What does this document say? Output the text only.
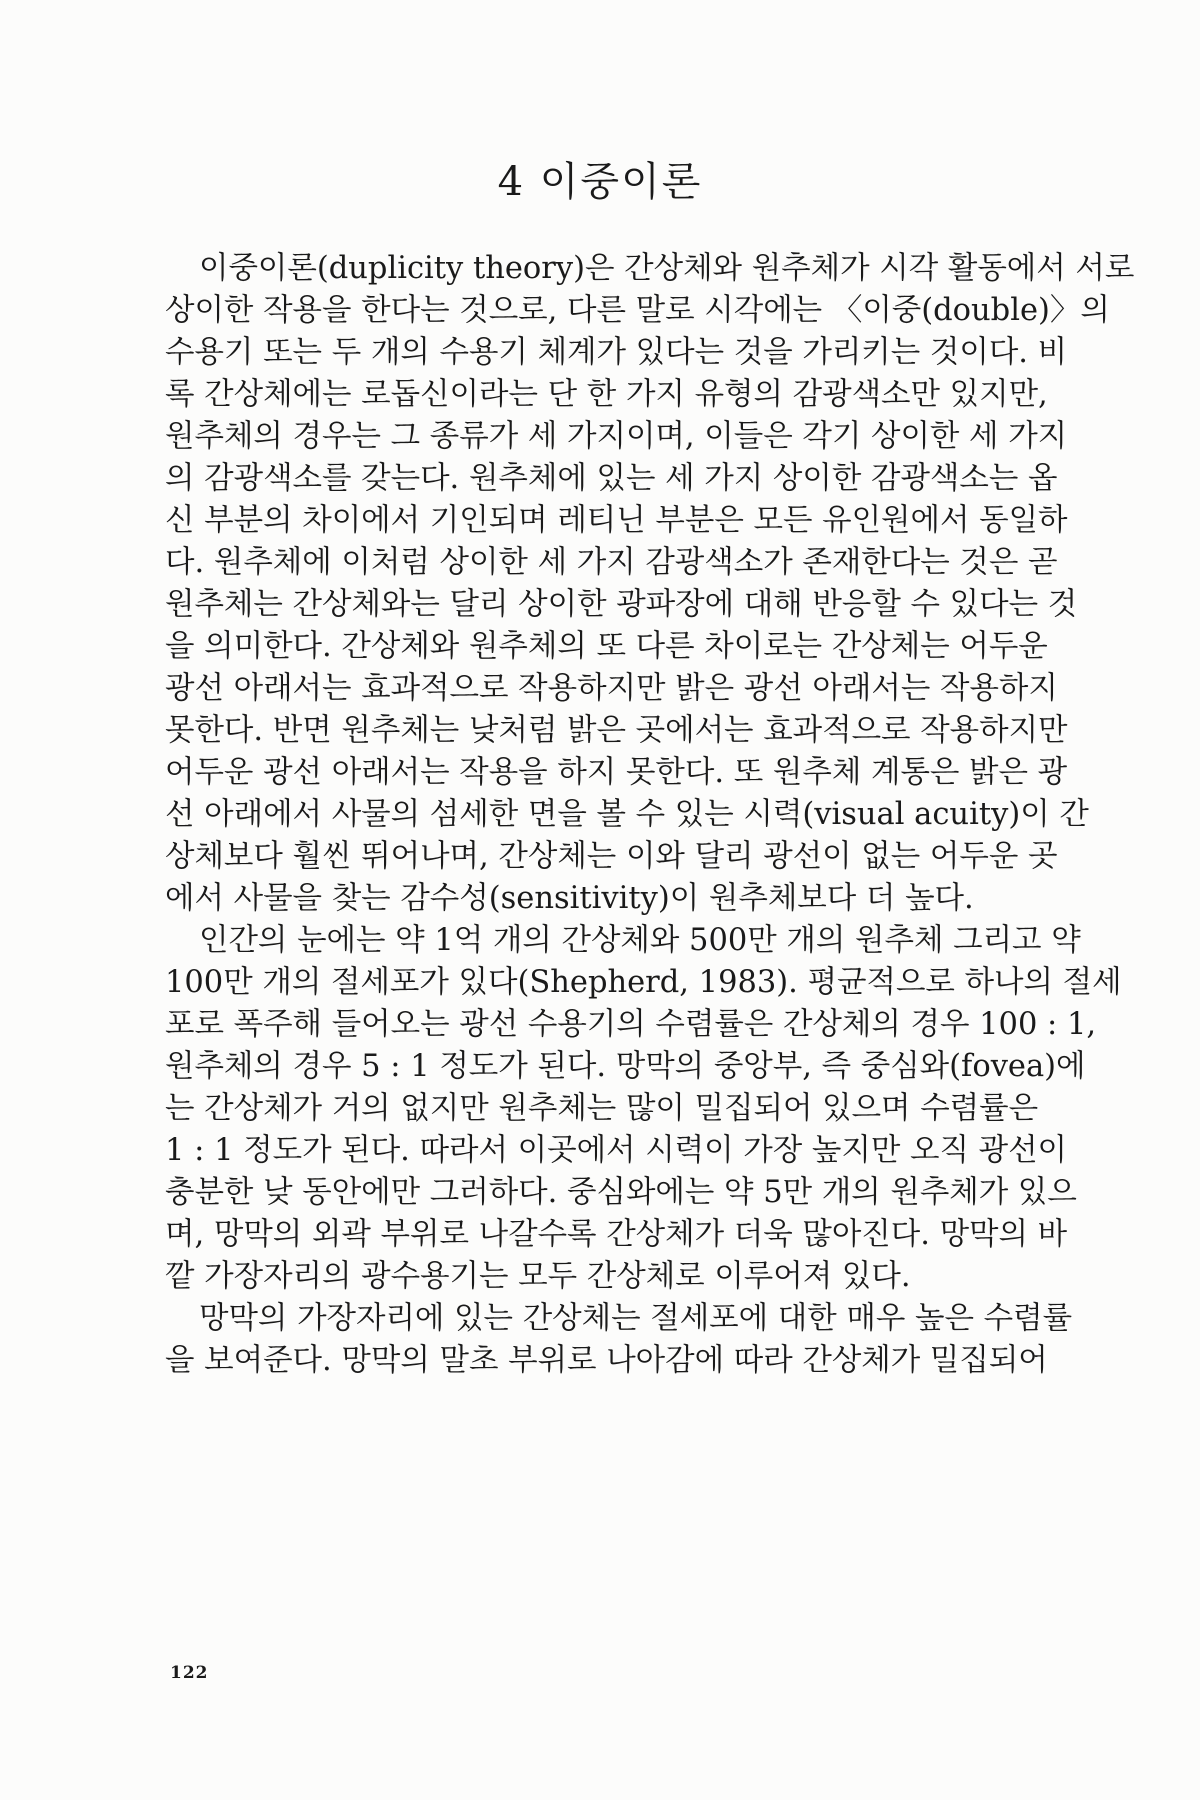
4 이중이론
이중이론(duplicity theory)은 간상체와 원추체가 시각 활동에서 서로
상이한 작용을 한다는 것으로, 다른 말로 시각에는 〈이중(double)〉의
수용기 또는 두 개의 수용기 체계가 있다는 것을 가리키는 것이다. 비
록 간상체에는 로돕신이라는 단 한 가지 유형의 감광색소만 있지만,
원추체의 경우는 그 종류가 세 가지이며, 이들은 각기 상이한 세 가지
의 감광색소를 갖는다. 원추체에 있는 세 가지 상이한 감광색소는 옵
신 부분의 차이에서 기인되며 레티닌 부분은 모든 유인원에서 동일하
다. 원추체에 이처럼 상이한 세 가지 감광색소가 존재한다는 것은 곧
원추체는 간상체와는 달리 상이한 광파장에 대해 반응할 수 있다는 것
을 의미한다. 간상체와 원추체의 또 다른 차이로는 간상체는 어두운
광선 아래서는 효과적으로 작용하지만 밝은 광선 아래서는 작용하지
못한다. 반면 원추체는 낮처럼 밝은 곳에서는 효과적으로 작용하지만
어두운 광선 아래서는 작용을 하지 못한다. 또 원추체 계통은 밝은 광
선 아래에서 사물의 섬세한 면을 볼 수 있는 시력(visual acuity)이 간
상체보다 훨씬 뛰어나며, 간상체는 이와 달리 광선이 없는 어두운 곳
에서 사물을 찾는 감수성(sensitivity)이 원추체보다 더 높다.
인간의 눈에는 약 1억 개의 간상체와 500만 개의 원추체 그리고 약
100만 개의 절세포가 있다(Shepherd, 1983). 평균적으로 하나의 절세
포로 폭주해 들어오는 광선 수용기의 수렴률은 간상체의 경우 100 : 1,
원추체의 경우 5 : 1 정도가 된다. 망막의 중앙부, 즉 중심와(fovea)에
는 간상체가 거의 없지만 원추체는 많이 밀집되어 있으며 수렴률은
1 : 1 정도가 된다. 따라서 이곳에서 시력이 가장 높지만 오직 광선이
충분한 낮 동안에만 그러하다. 중심와에는 약 5만 개의 원추체가 있으
며, 망막의 외곽 부위로 나갈수록 간상체가 더욱 많아진다. 망막의 바
깥 가장자리의 광수용기는 모두 간상체로 이루어져 있다.
망막의 가장자리에 있는 간상체는 절세포에 대한 매우 높은 수렴률
을 보여준다. 망막의 말초 부위로 나아감에 따라 간상체가 밀집되어
122
